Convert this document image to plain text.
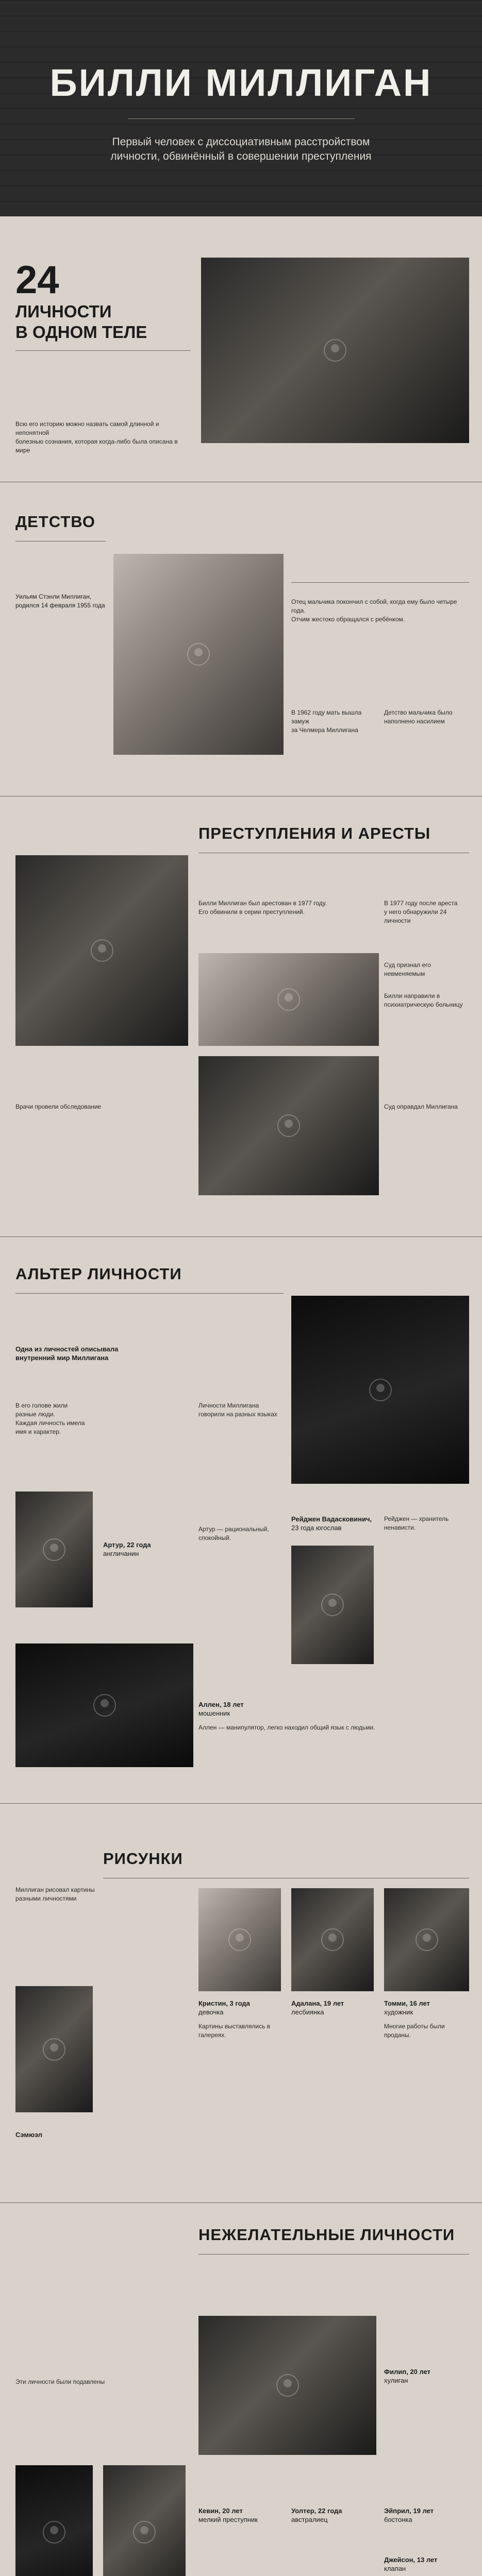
БИЛЛИ МИЛЛИГАН
Первый человек с диссоциативным расстройством
личности, обвинённый в совершении преступления
24
ЛИЧНОСТИ
В ОДНОМ ТЕЛЕ
Всю его историю можно назвать самой длинной и непонятной
болезнью сознания, которая когда-либо была описана в мире
ДЕТСТВО
Уильям Стэнли Миллиган, родился 14 февраля 1955 года	Отец мальчика покончил с собой, когда ему было четыре года.
Отчим жестоко обращался с ребёнком.
В 1962 году мать вышла замуж
за Челмера Миллигана
Детство мальчика было
наполнено насилием
ПРЕСТУПЛЕНИЯ И АРЕСТЫ
Билли Миллиган был арестован в 1977 году.
Его обвинили в серии преступлений.
В 1977 году после ареста
у него обнаружили 24 личности
Суд признал его невменяемым
Билли направили в психиатрическую больницу
Врачи провели обследование	Суд оправдал Миллигана
АЛЬТЕР ЛИЧНОСТИ
Одна из личностей описывала
внутренний мир Миллигана
В его голове жили разные люди.
Каждая личность имела имя и характер.
Личности Миллигана
говорили на разных языках
Артур, 22 года
англичанин
Артур — рациональный, спокойный.
Рейджен Вадасковинич,
23 года югослав
Рейджен — хранитель ненависти.
Аллен, 18 лет
мошенник
Аллен — манипулятор, легко находил общий язык с людьми.
РИСУНКИ
Миллиган рисовал картины
разными личностями
Кристин, 3 года
девочка
Адалана, 19 лет
лесбиянка
Томми, 16 лет
художник
Картины выставлялись в галереях.
Многие работы были проданы.
Сэмюэл
НЕЖЕЛАТЕЛЬНЫЕ ЛИЧНОСТИ
Эти личности были подавлены
Филип, 20 лет
хулиган
Кевин, 20 лет
мелкий преступник
Уолтер, 22 года
австралиец
Эйприл, 19 лет
бостонка
Джейсон, 13 лет
клапан
